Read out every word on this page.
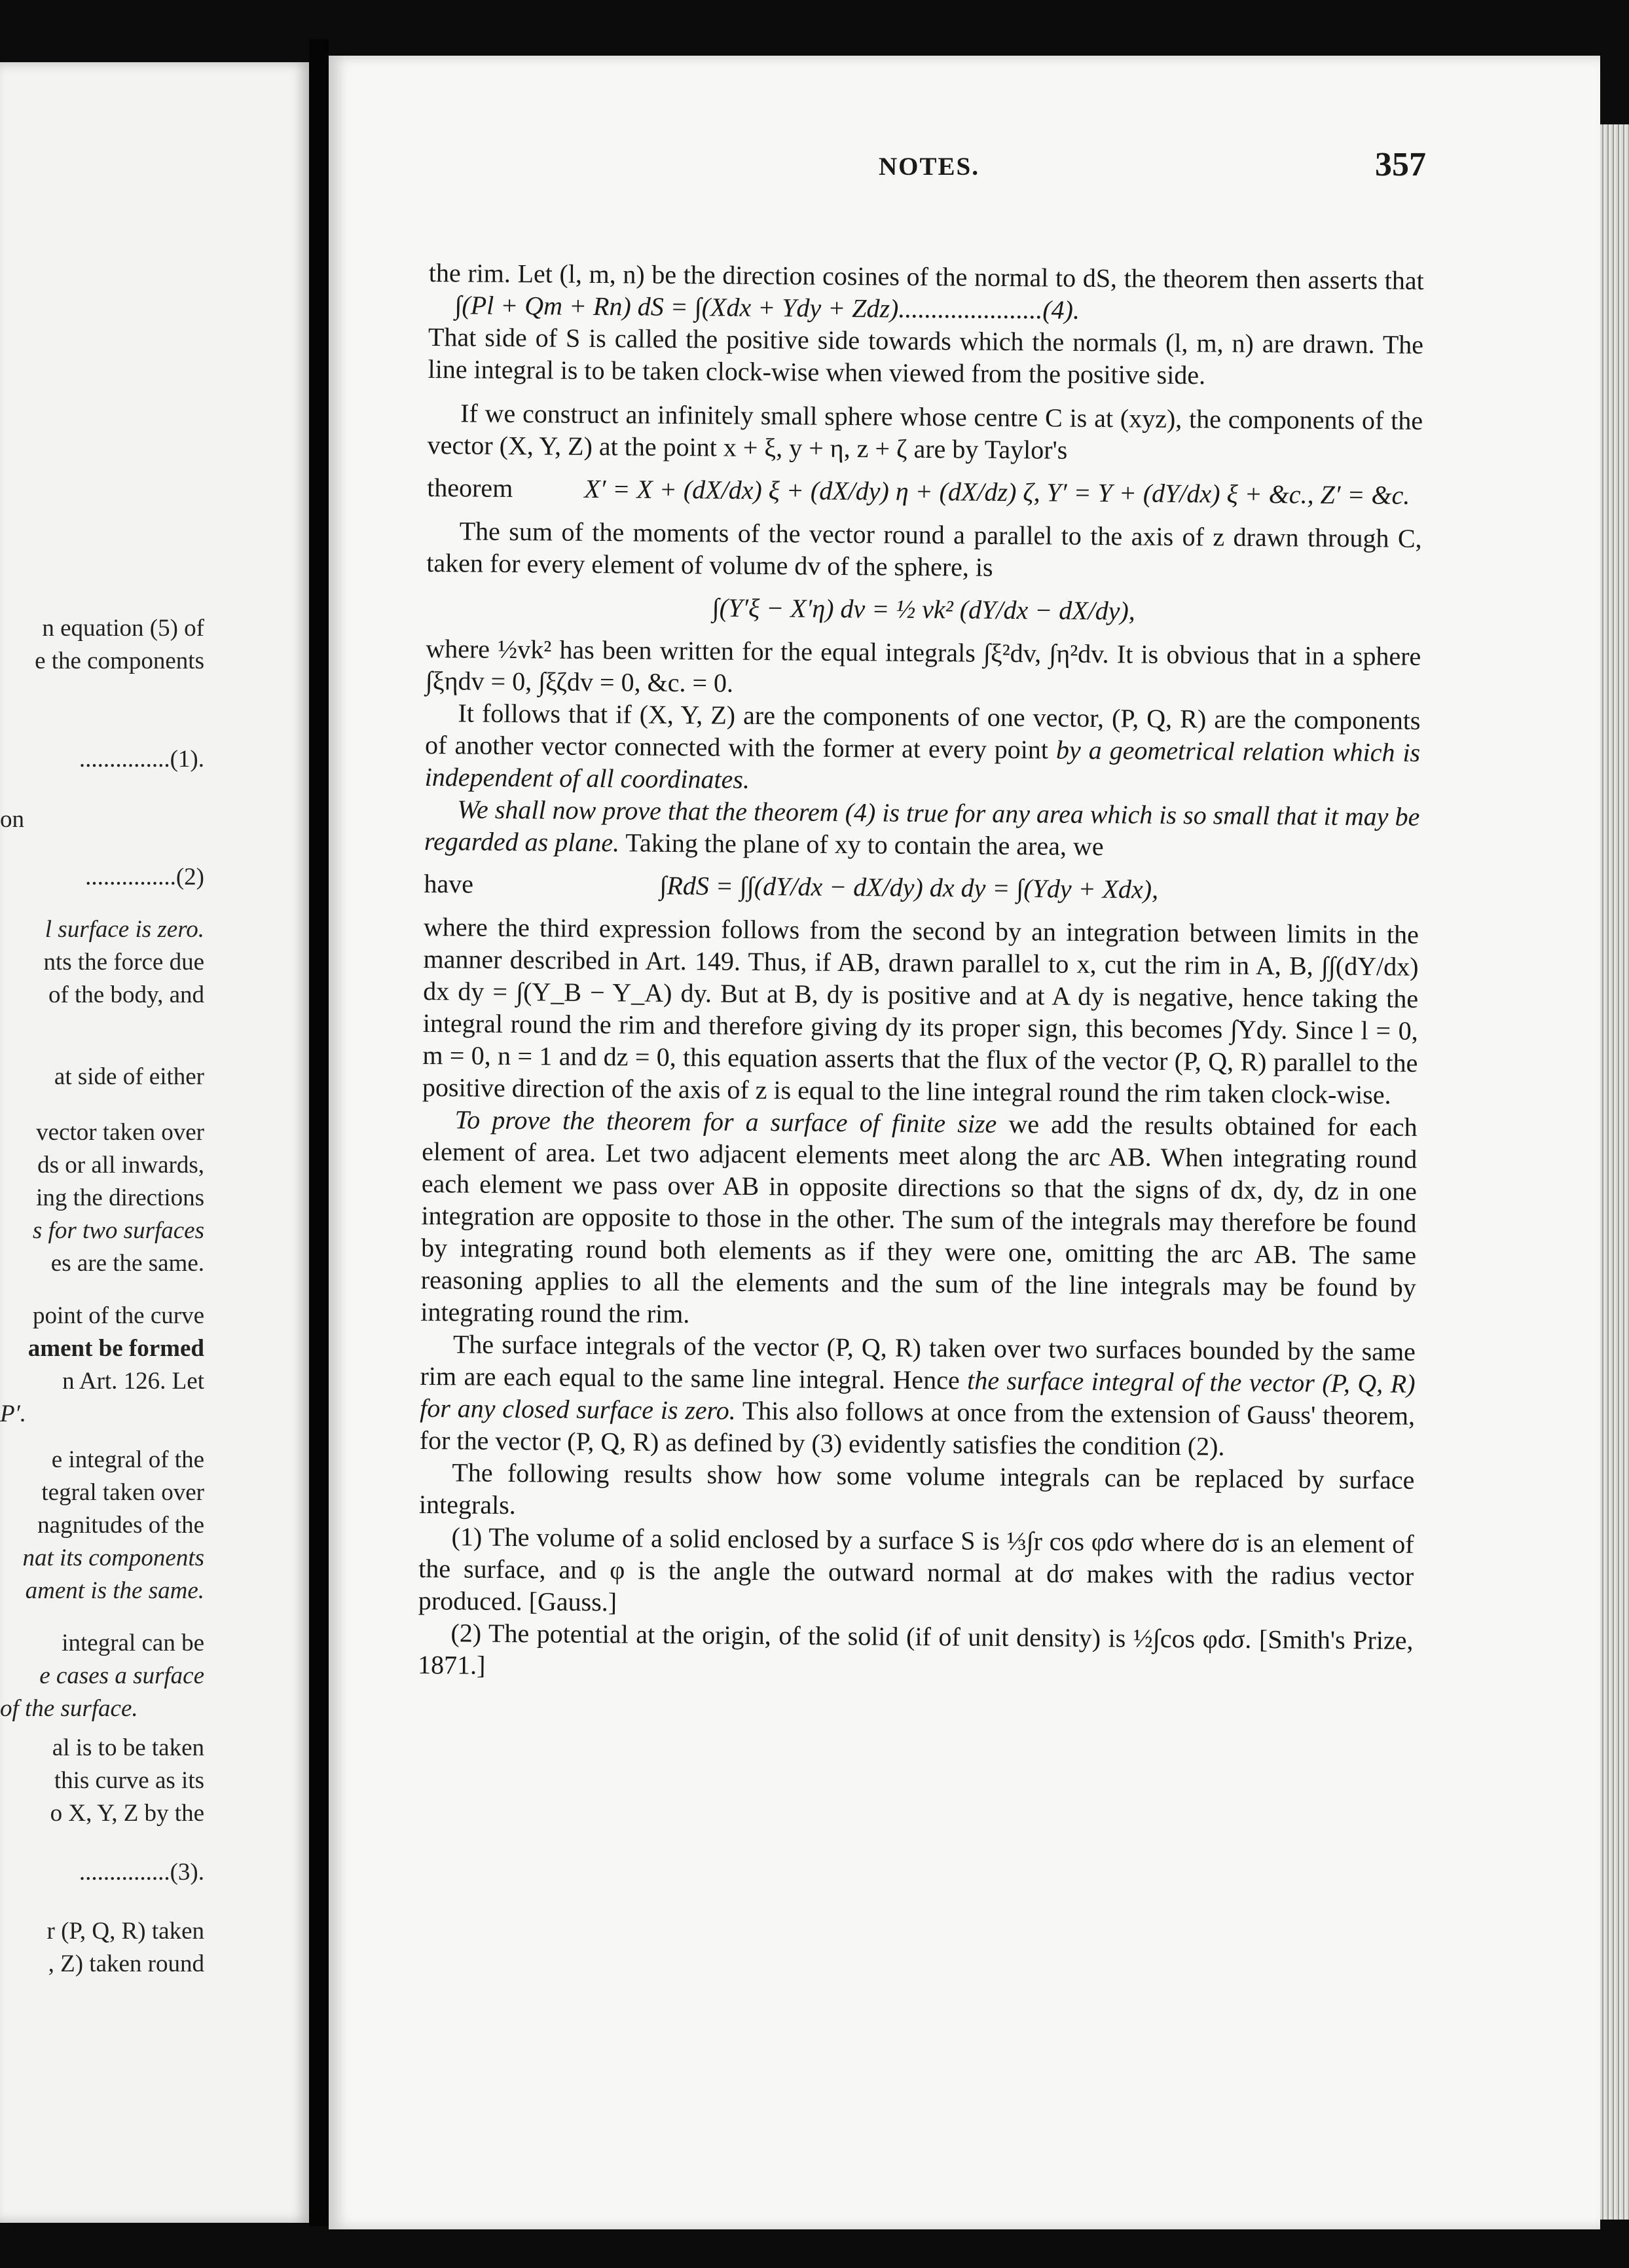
n equation (5) of
e the components
...............(1).
on
...............(2)
l surface is zero.
nts the force due
of the body, and
at side of either
vector taken over
ds or all inwards,
ing the directions
s for two surfaces
es are the same.
point of the curve
ament be formed
n Art. 126. Let
P′.
e integral of the
tegral taken over
nagnitudes of the
nat its components
ament is the same.
integral can be
e cases a surface
of the surface.
al is to be taken
this curve as its
o X, Y, Z by the
...............(3).
r (P, Q, R) taken
, Z) taken round
NOTES.	357

the rim. Let (l, m, n) be the direction cosines of the normal to dS, the theorem then asserts that ∫(Pl + Qm + Rn) dS = ∫(Xdx + Ydy + Zdz)......................(4).

That side of S is called the positive side towards which the normals (l, m, n) are drawn. The line integral is to be taken clock-wise when viewed from the positive side.

If we construct an infinitely small sphere whose centre C is at (xyz), the components of the vector (X, Y, Z) at the point x + ξ, y + η, z + ζ are by Taylor's

theorem	X′ = X + (dX/dx) ξ + (dX/dy) η + (dX/dz) ζ, Y′ = Y + (dY/dx) ξ + &c., Z′ = &c.

The sum of the moments of the vector round a parallel to the axis of z drawn through C, taken for every element of volume dv of the sphere, is

∫(Y′ξ − X′η) dv = ½ vk² (dY/dx − dX/dy),

where ½vk² has been written for the equal integrals ∫ξ²dv, ∫η²dv. It is obvious that in a sphere ∫ξηdv = 0, ∫ξζdv = 0, &c. = 0.

It follows that if (X, Y, Z) are the components of one vector, (P, Q, R) are the components of another vector connected with the former at every point by a geometrical relation which is independent of all coordinates.

We shall now prove that the theorem (4) is true for any area which is so small that it may be regarded as plane. Taking the plane of xy to contain the area, we

have	∫RdS = ∫∫(dY/dx − dX/dy) dx dy = ∫(Ydy + Xdx),

where the third expression follows from the second by an integration between limits in the manner described in Art. 149. Thus, if AB, drawn parallel to x, cut the rim in A, B, ∫∫(dY/dx) dx dy = ∫(Y_B − Y_A) dy. But at B, dy is positive and at A dy is negative, hence taking the integral round the rim and therefore giving dy its proper sign, this becomes ∫Ydy. Since l = 0, m = 0, n = 1 and dz = 0, this equation asserts that the flux of the vector (P, Q, R) parallel to the positive direction of the axis of z is equal to the line integral round the rim taken clock-wise.

To prove the theorem for a surface of finite size we add the results obtained for each element of area. Let two adjacent elements meet along the arc AB. When integrating round each element we pass over AB in opposite directions so that the signs of dx, dy, dz in one integration are opposite to those in the other. The sum of the integrals may therefore be found by integrating round both elements as if they were one, omitting the arc AB. The same reasoning applies to all the elements and the sum of the line integrals may be found by integrating round the rim.

The surface integrals of the vector (P, Q, R) taken over two surfaces bounded by the same rim are each equal to the same line integral. Hence the surface integral of the vector (P, Q, R) for any closed surface is zero. This also follows at once from the extension of Gauss' theorem, for the vector (P, Q, R) as defined by (3) evidently satisfies the condition (2).

The following results show how some volume integrals can be replaced by surface integrals.

(1) The volume of a solid enclosed by a surface S is ⅓∫r cos φdσ where dσ is an element of the surface, and φ is the angle the outward normal at dσ makes with the radius vector produced. [Gauss.]

(2) The potential at the origin, of the solid (if of unit density) is ½∫cos φdσ. [Smith's Prize, 1871.]
